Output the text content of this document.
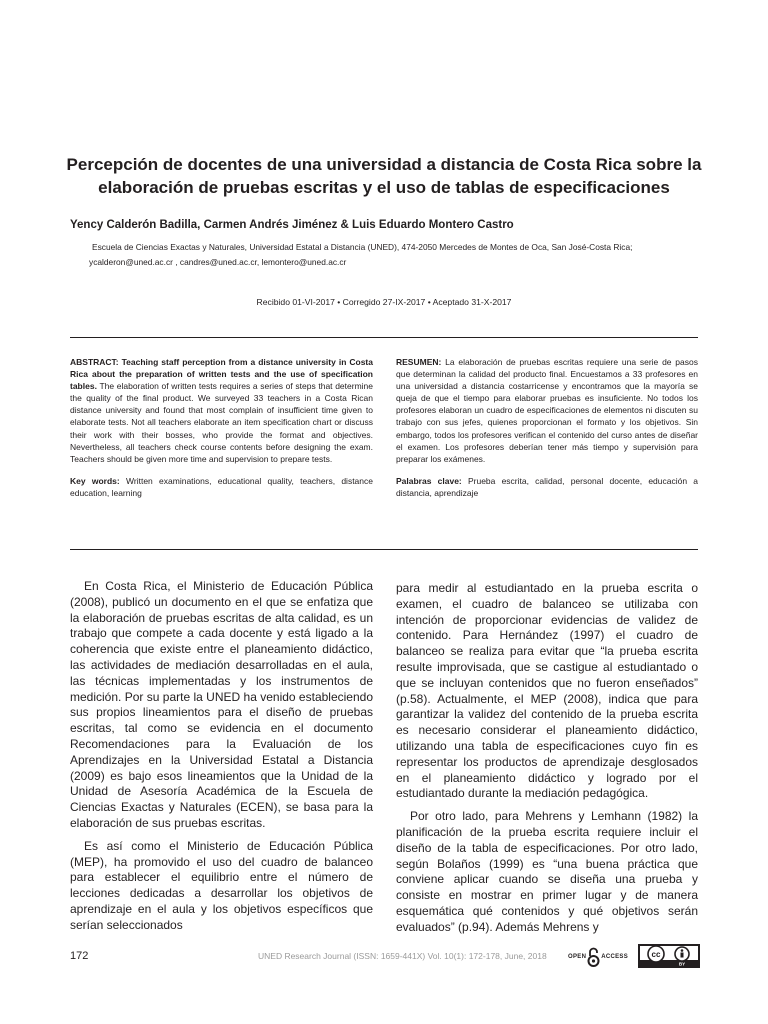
Percepción de docentes de una universidad a distancia de Costa Rica sobre la elaboración de pruebas escritas y el uso de tablas de especificaciones
Yency Calderón Badilla, Carmen Andrés Jiménez & Luis Eduardo Montero Castro
Escuela de Ciencias Exactas y Naturales, Universidad Estatal a Distancia (UNED), 474-2050 Mercedes de Montes de Oca, San José-Costa Rica;
ycalderon@uned.ac.cr , candres@uned.ac.cr, lemontero@uned.ac.cr
Recibido 01-VI-2017 • Corregido 27-IX-2017 • Aceptado 31-X-2017

ABSTRACT: Teaching staff perception from a distance university in Costa Rica about the preparation of written tests and the use of specification tables. The elaboration of written tests requires a series of steps that determine the quality of the final product. We surveyed 33 teachers in a Costa Rican distance university and found that most complain of insufficient time given to elaborate tests. Not all teachers elaborate an item specification chart or discuss their work with their bosses, who provide the format and objectives. Nevertheless, all teachers check course contents before designing the exam. Teachers should be given more time and supervision to prepare tests.

Key words: Written examinations, educational quality, teachers, distance education, learning

RESUMEN: La elaboración de pruebas escritas requiere una serie de pasos que determinan la calidad del producto final. Encuestamos a 33 profesores en una universidad a distancia costarricense y encontramos que la mayoría se queja de que el tiempo para elaborar pruebas es insuficiente. No todos los profesores elaboran un cuadro de especificaciones de elementos ni discuten su trabajo con sus jefes, quienes proporcionan el formato y los objetivos. Sin embargo, todos los profesores verifican el contenido del curso antes de diseñar el examen. Los profesores deberían tener más tiempo y supervisión para preparar los exámenes.

Palabras clave: Prueba escrita, calidad, personal docente, educación a distancia, aprendizaje

En Costa Rica, el Ministerio de Educación Pública (2008), publicó un documento en el que se enfatiza que la elaboración de pruebas escritas de alta calidad, es un trabajo que compete a cada docente y está ligado a la coherencia que existe entre el planeamiento didáctico, las actividades de mediación desarrolladas en el aula, las técnicas implementadas y los instrumentos de medición. Por su parte la UNED ha venido estableciendo sus propios lineamientos para el diseño de pruebas escritas, tal como se evidencia en el documento Recomendaciones para la Evaluación de los Aprendizajes en la Universidad Estatal a Distancia (2009) es bajo esos lineamientos que la Unidad de la Unidad de Asesoría Académica de la Escuela de Ciencias Exactas y Naturales (ECEN), se basa para la elaboración de sus pruebas escritas.

Es así como el Ministerio de Educación Pública (MEP), ha promovido el uso del cuadro de balanceo para establecer el equilibrio entre el número de lecciones dedicadas a desarrollar los objetivos de aprendizaje en el aula y los objetivos específicos que serían seleccionados

para medir al estudiantado en la prueba escrita o examen, el cuadro de balanceo se utilizaba con intención de proporcionar evidencias de validez de contenido. Para Hernández (1997) el cuadro de balanceo se realiza para evitar que “la prueba escrita resulte improvisada, que se castigue al estudiantado o que se incluyan contenidos que no fueron enseñados” (p.58). Actualmente, el MEP (2008), indica que para garantizar la validez del contenido de la prueba escrita es necesario considerar el planeamiento didáctico, utilizando una tabla de especificaciones cuyo fin es representar los productos de aprendizaje desglosados en el planeamiento didáctico y logrado por el estudiantado durante la mediación pedagógica.

Por otro lado, para Mehrens y Lemhann (1982) la planificación de la prueba escrita requiere incluir el diseño de la tabla de especificaciones. Por otro lado, según Bolaños (1999) es “una buena práctica que conviene aplicar cuando se diseña una prueba y consiste en mostrar en primer lugar y de manera esquemática qué contenidos y qué objetivos serán evaluados” (p.94). Además Mehrens y

172	UNED Research Journal (ISSN: 1659-441X) Vol. 10(1): 172-178, June, 2018	OPEN	ACCESS	cc
BY
